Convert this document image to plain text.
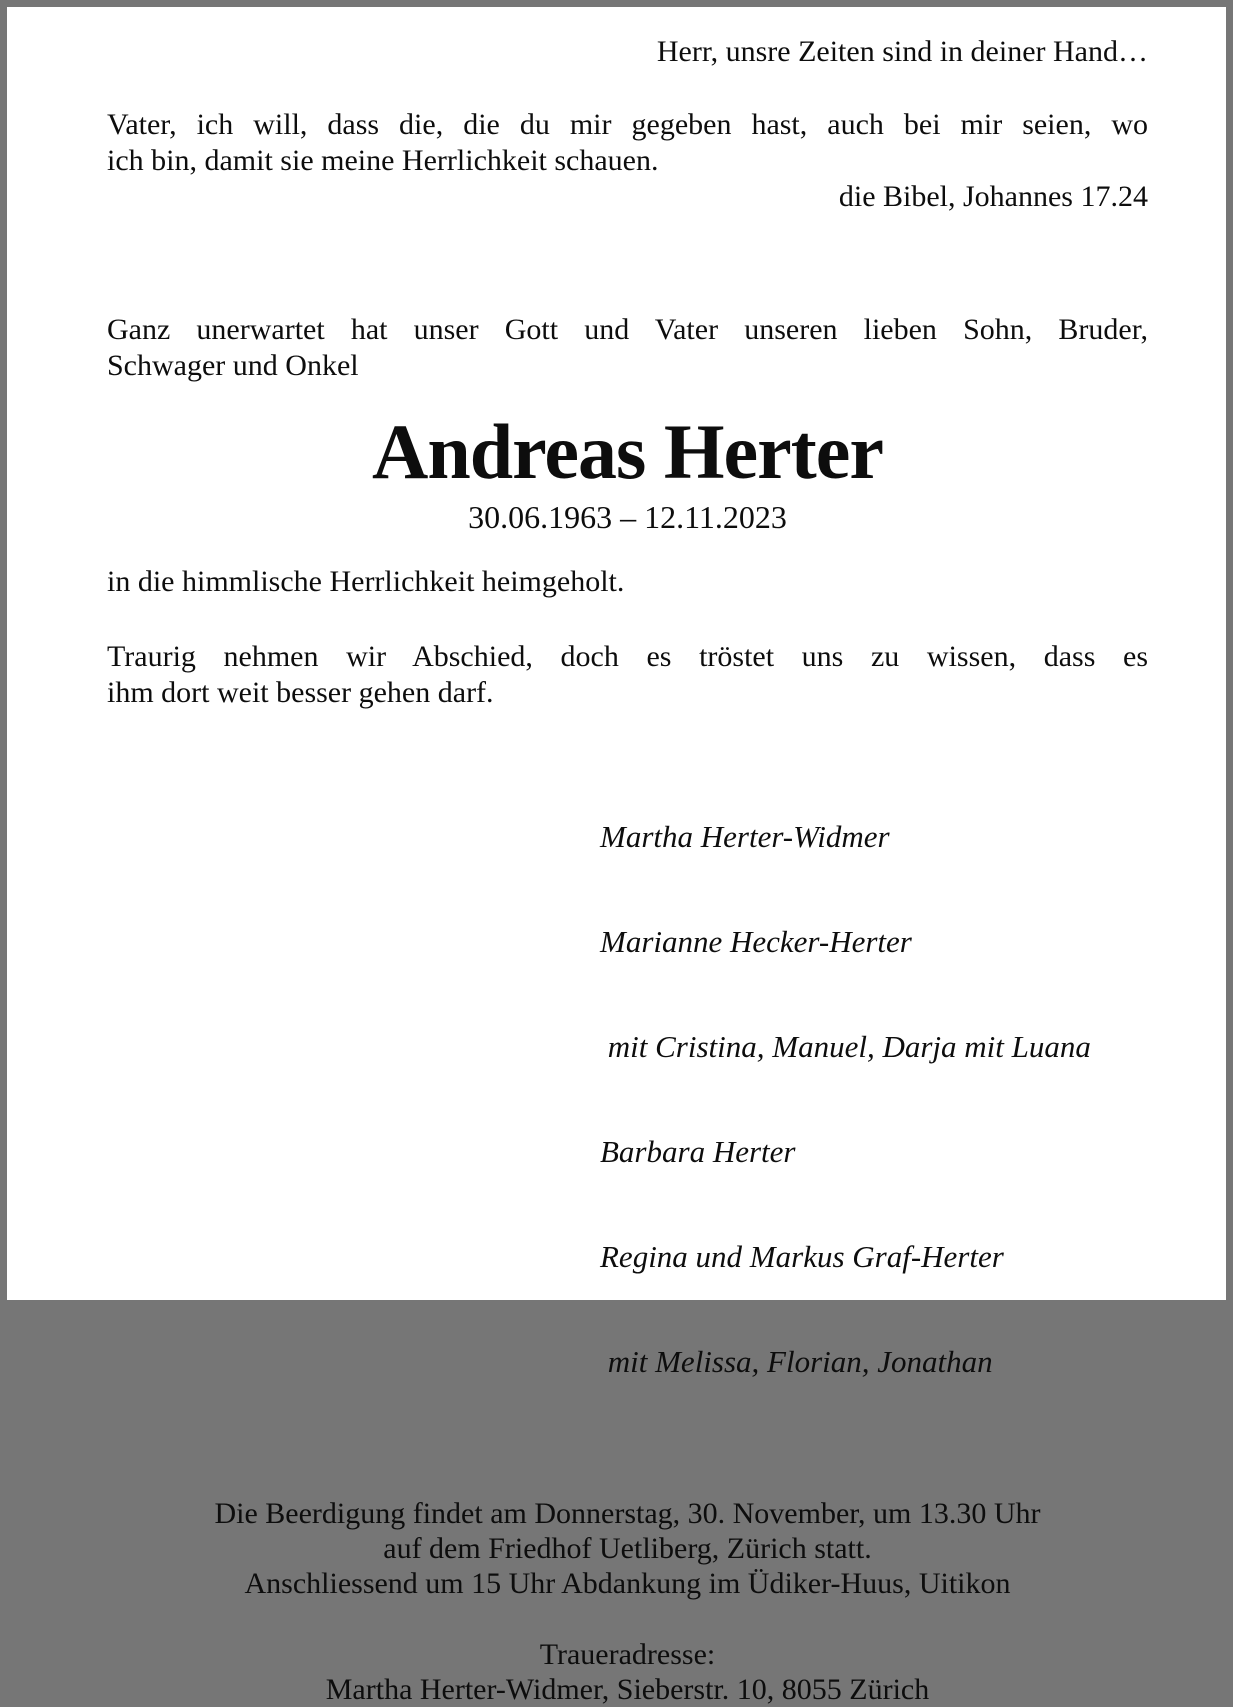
Herr, unsre Zeiten sind in deiner Hand…
Vater, ich will, dass die, die du mir gegeben hast, auch bei mir seien, wo
ich bin, damit sie meine Herrlichkeit schauen.
die Bibel, Johannes 17.24
Ganz unerwartet hat unser Gott und Vater unseren lieben Sohn, Bruder,
Schwager und Onkel
Andreas Herter
30.06.1963 – 12.11.2023
in die himmlische Herrlichkeit heimgeholt.
Traurig nehmen wir Abschied, doch es tröstet uns zu wissen, dass es
ihm dort weit besser gehen darf.

Martha Herter-Widmer

Marianne Hecker-Herter

mit Cristina, Manuel, Darja mit Luana

Barbara Herter

Regina und Markus Graf-Herter

mit Melissa, Florian, Jonathan

Die Beerdigung findet am Donnerstag, 30. November, um 13.30 Uhr
auf dem Friedhof Uetliberg, Zürich statt.
Anschliessend um 15 Uhr Abdankung im Üdiker-Huus, Uitikon
Traueradresse:
Martha Herter-Widmer, Sieberstr. 10, 8055 Zürich
